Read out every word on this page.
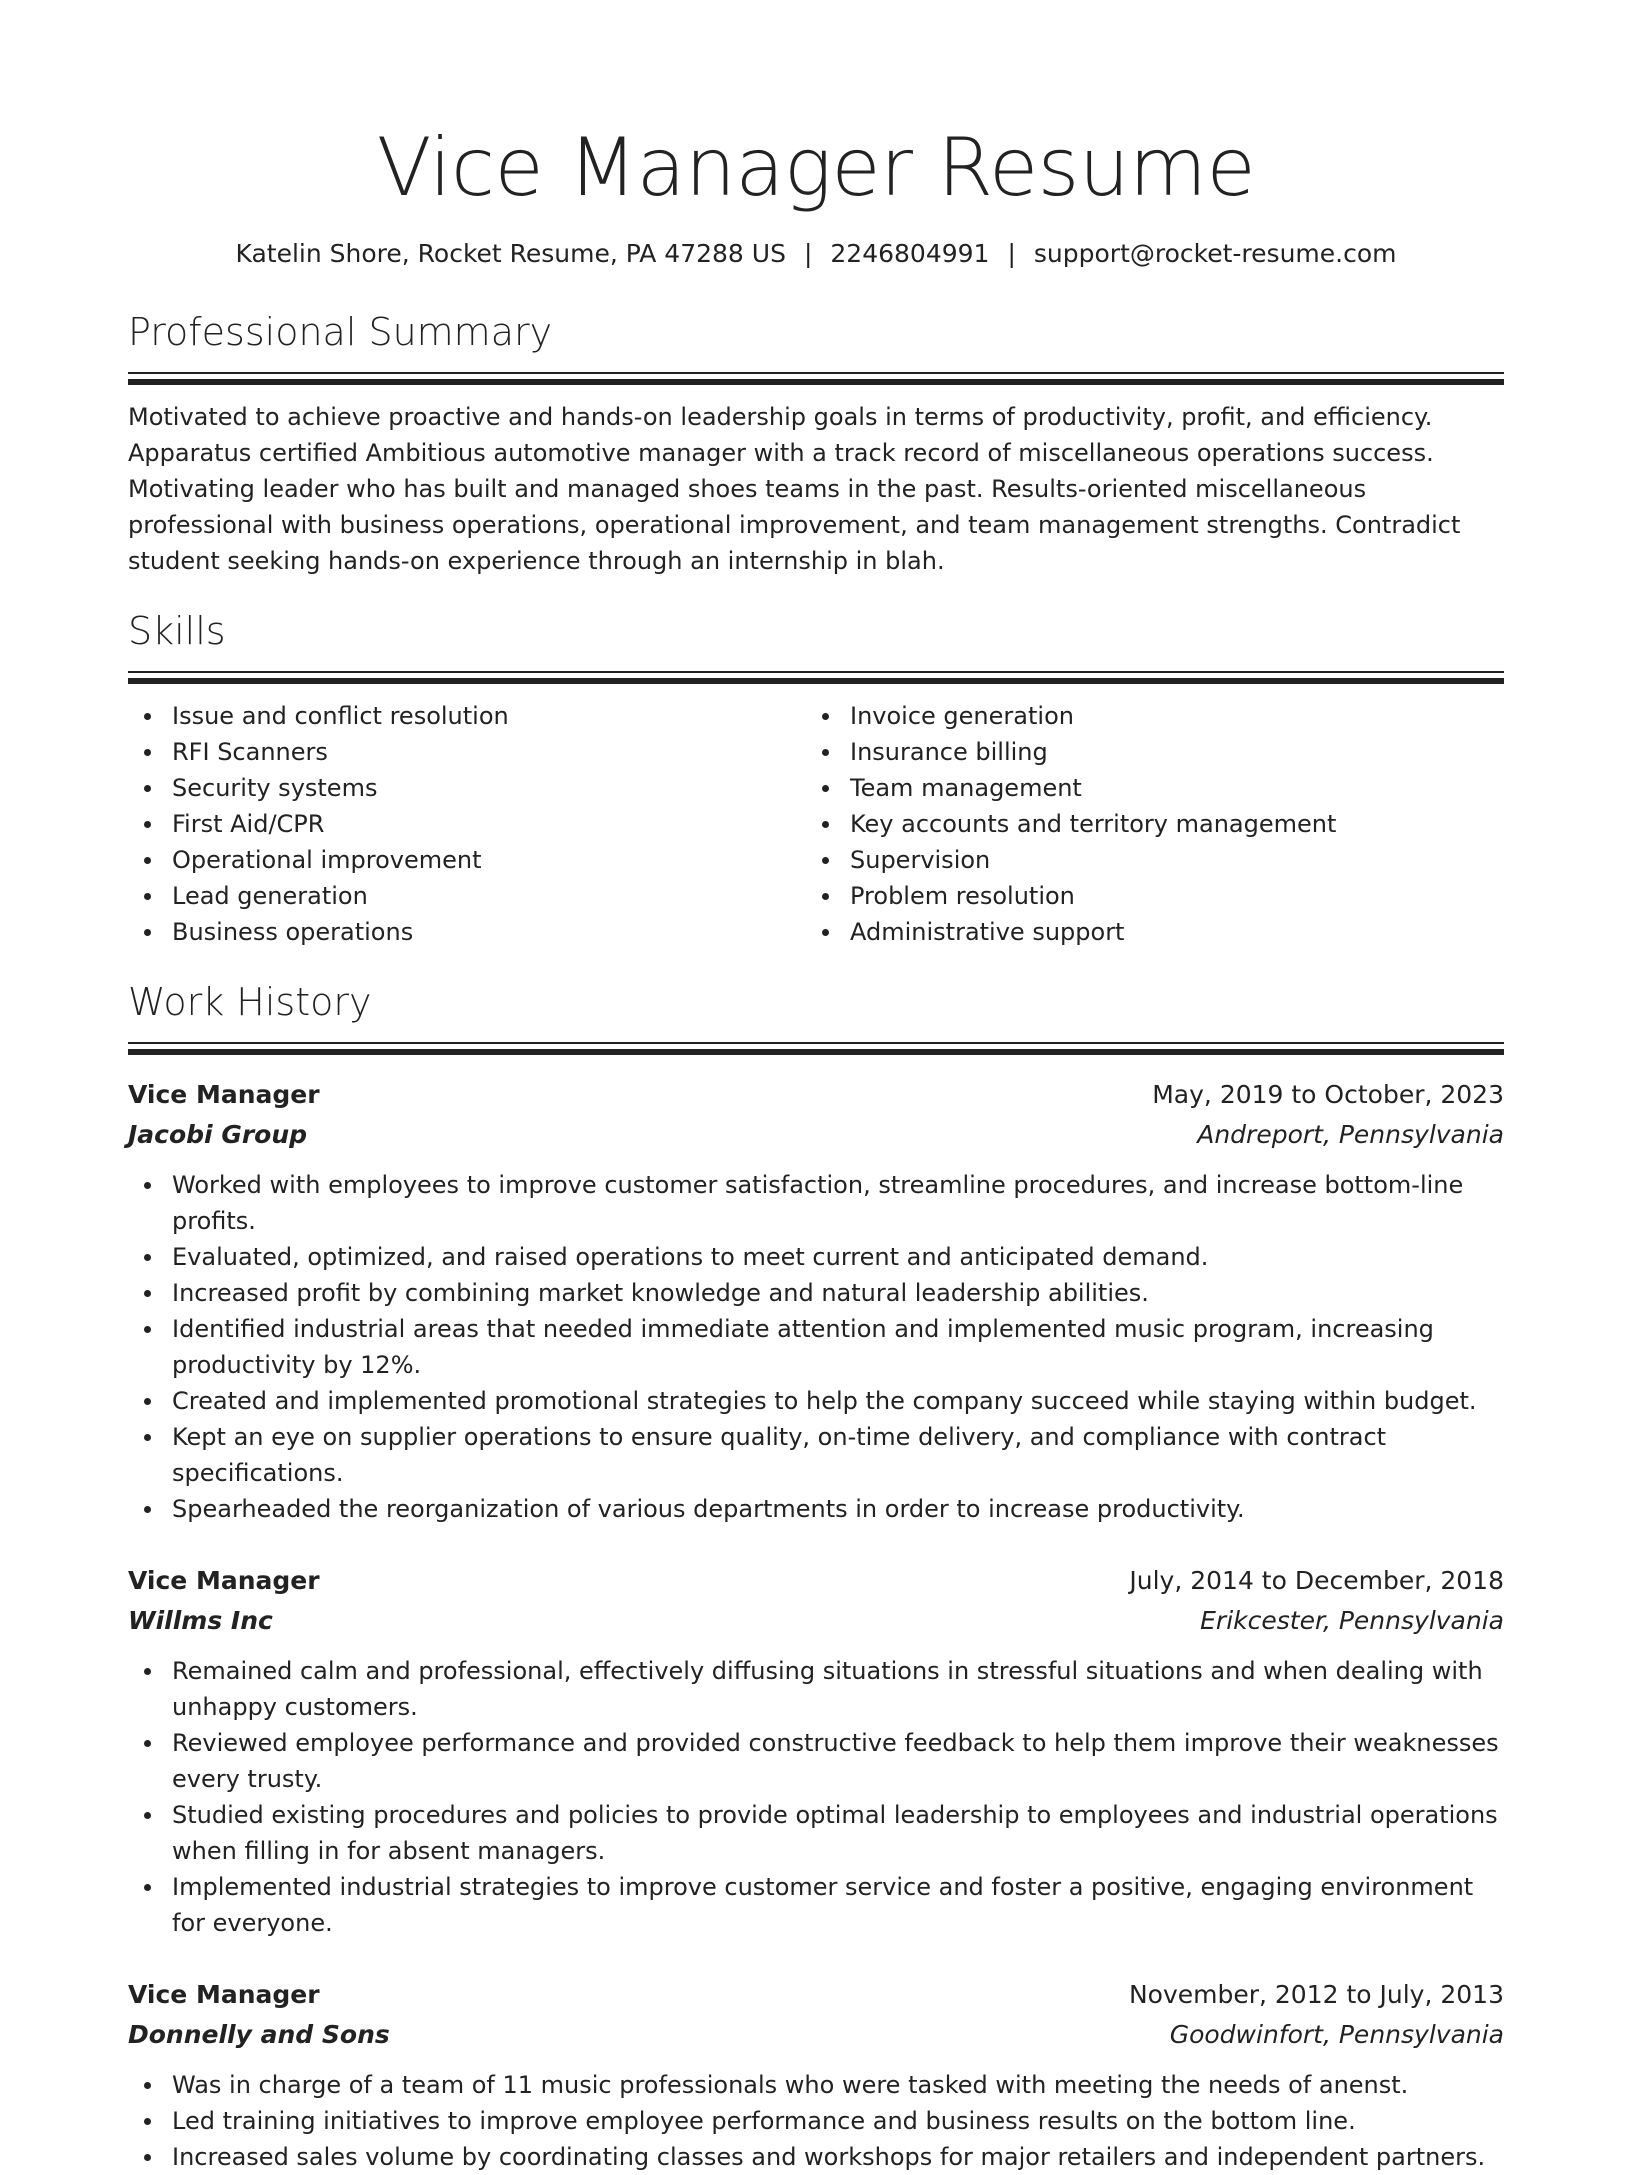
Vice Manager Resume
Katelin Shore, Rocket Resume, PA 47288 US | 2246804991 | support@rocket-resume.com
Professional Summary

Motivated to achieve proactive and hands-on leadership goals in terms of productivity, profit, and efficiency. Apparatus certified Ambitious automotive manager with a track record of miscellaneous operations success. Motivating leader who has built and managed shoes teams in the past. Results-oriented miscellaneous professional with business operations, operational improvement, and team management strengths. Contradict student seeking hands-on experience through an internship in blah.

Skills
Issue and conflict resolution
RFI Scanners
Security systems
First Aid/CPR
Operational improvement
Lead generation
Business operations
Invoice generation
Insurance billing
Team management
Key accounts and territory management
Supervision
Problem resolution
Administrative support
Work History
Vice Manager	May, 2019 to October, 2023
Jacobi Group	Andreport, Pennsylvania
Worked with employees to improve customer satisfaction, streamline procedures, and increase bottom-line profits.
Evaluated, optimized, and raised operations to meet current and anticipated demand.
Increased profit by combining market knowledge and natural leadership abilities.
Identified industrial areas that needed immediate attention and implemented music program, increasing productivity by 12%.
Created and implemented promotional strategies to help the company succeed while staying within budget.
Kept an eye on supplier operations to ensure quality, on-time delivery, and compliance with contract specifications.
Spearheaded the reorganization of various departments in order to increase productivity.
Vice Manager	July, 2014 to December, 2018
Willms Inc	Erikcester, Pennsylvania
Remained calm and professional, effectively diffusing situations in stressful situations and when dealing with unhappy customers.
Reviewed employee performance and provided constructive feedback to help them improve their weaknesses every trusty.
Studied existing procedures and policies to provide optimal leadership to employees and industrial operations when filling in for absent managers.
Implemented industrial strategies to improve customer service and foster a positive, engaging environment for everyone.
Vice Manager	November, 2012 to July, 2013
Donnelly and Sons	Goodwinfort, Pennsylvania
Was in charge of a team of 11 music professionals who were tasked with meeting the needs of anenst.
Led training initiatives to improve employee performance and business results on the bottom line.
Increased sales volume by coordinating classes and workshops for major retailers and independent partners.
